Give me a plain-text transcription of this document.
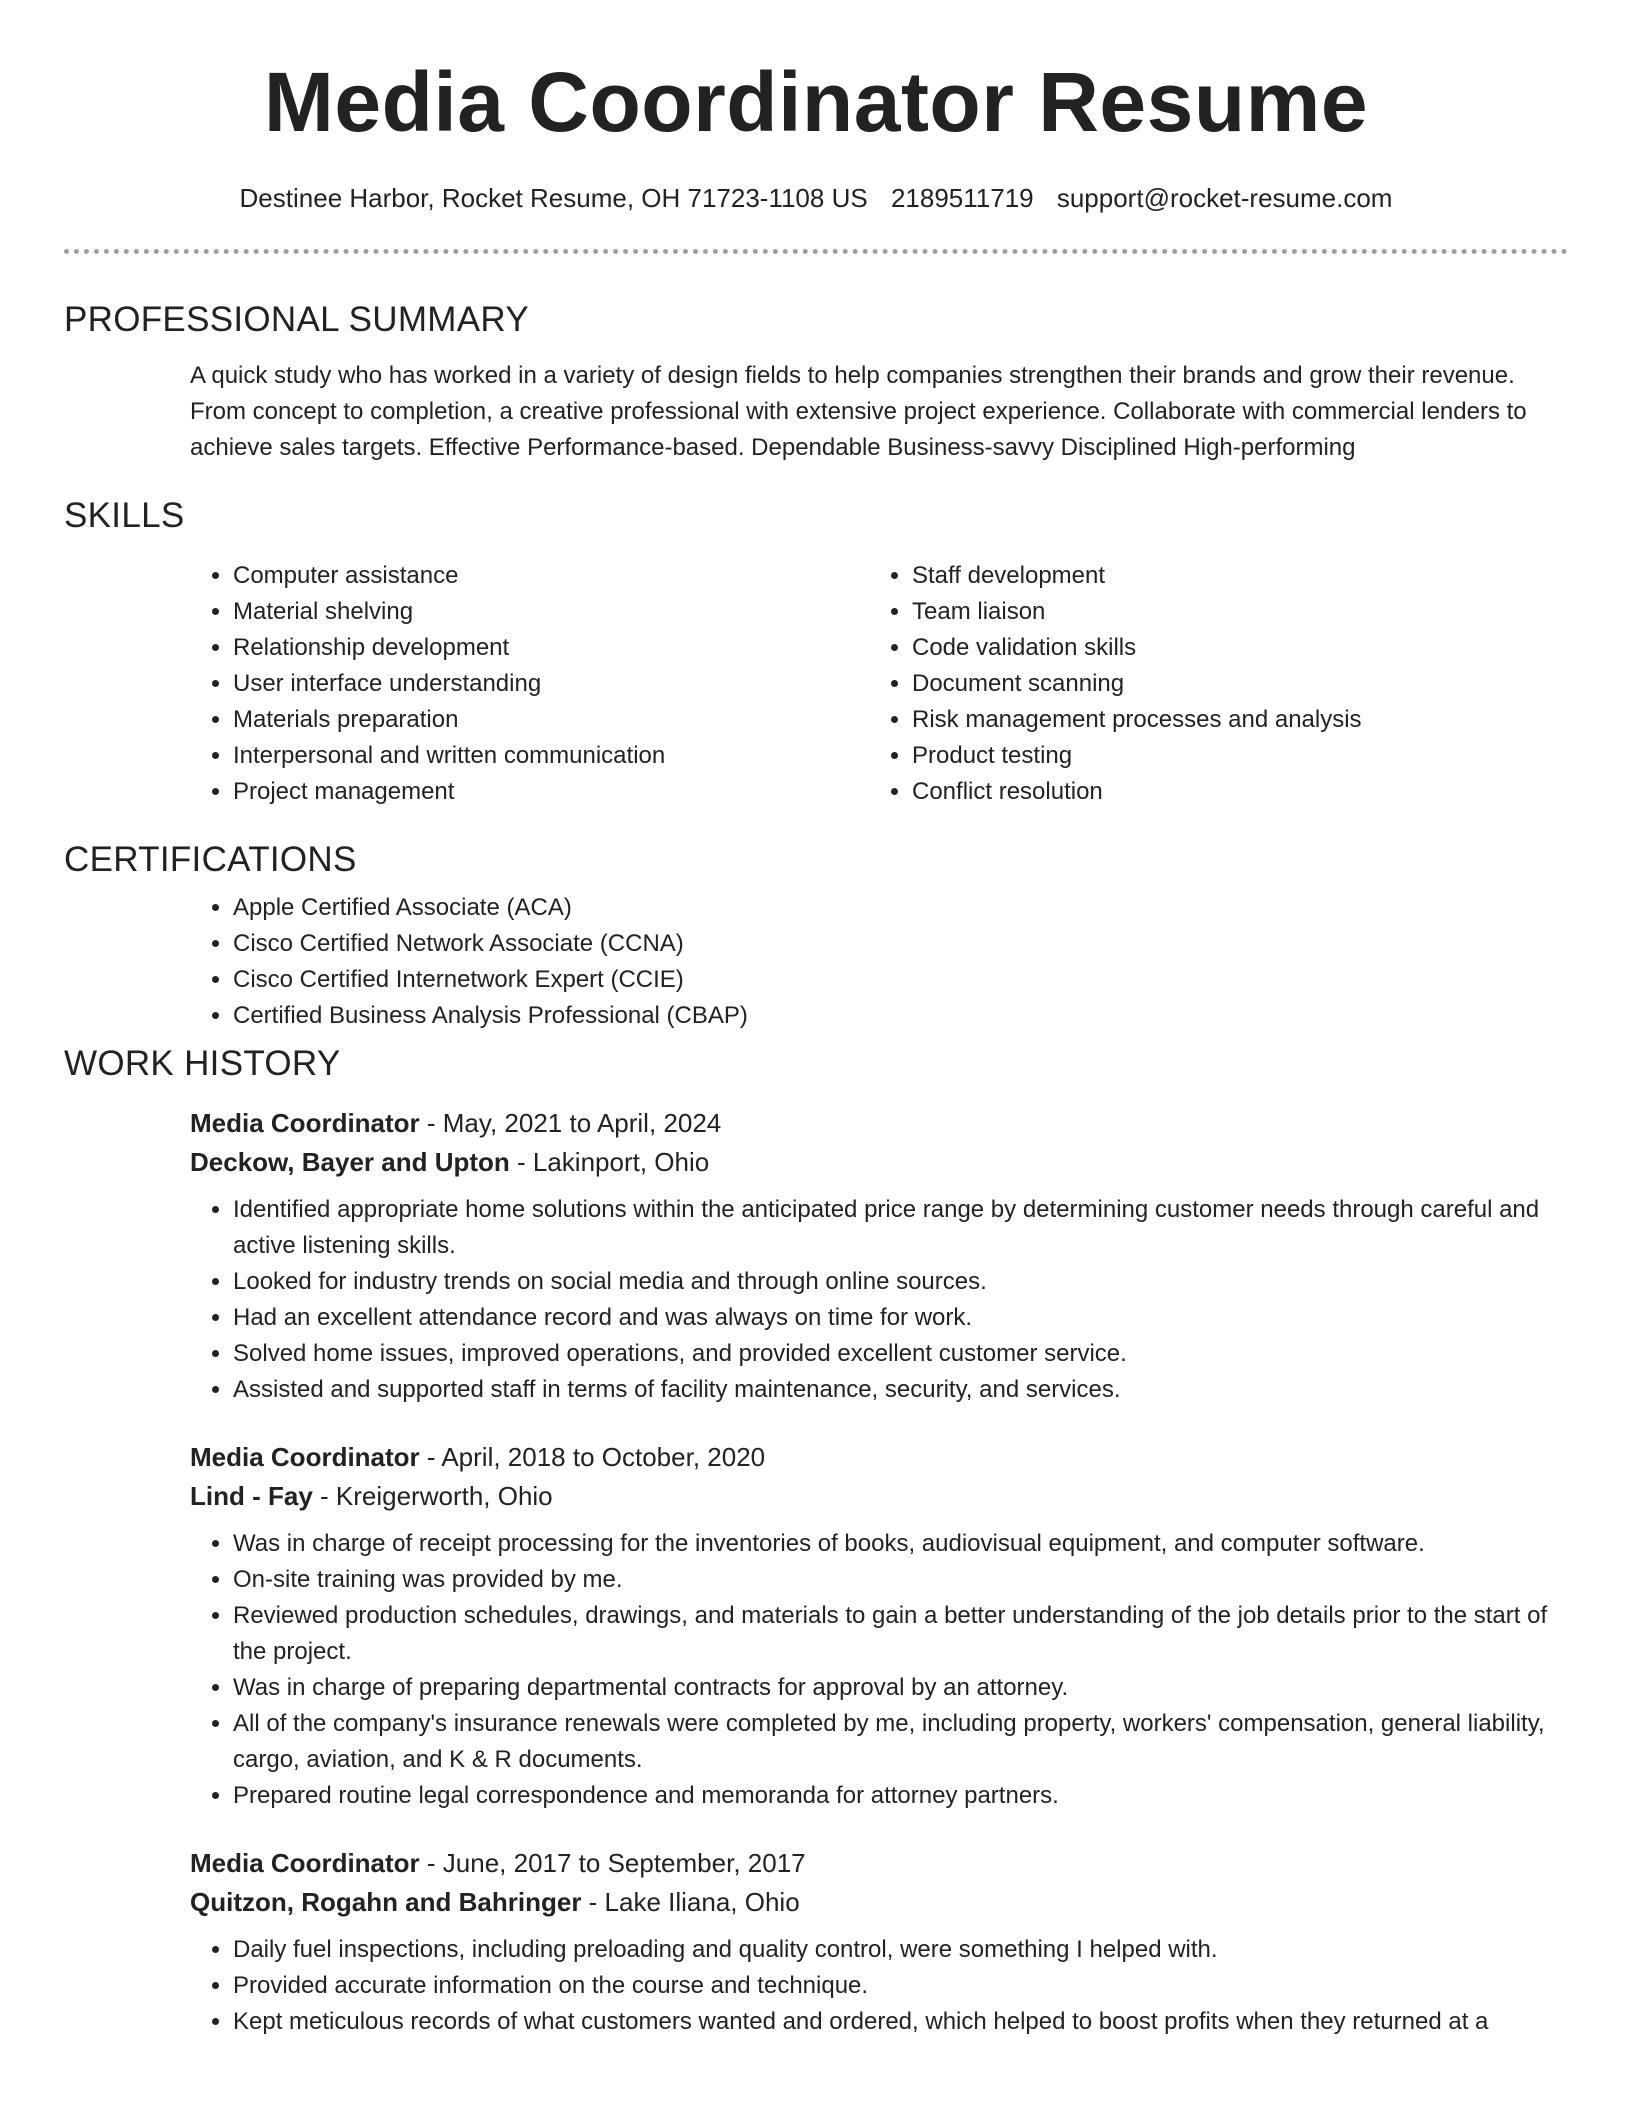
Media Coordinator Resume
Destinee Harbor, Rocket Resume, OH 71723-1108 US 2189511719 support@rocket-resume.com
PROFESSIONAL SUMMARY

A quick study who has worked in a variety of design fields to help companies strengthen their brands and grow their revenue. From concept to completion, a creative professional with extensive project experience. Collaborate with commercial lenders to achieve sales targets. Effective Performance-based. Dependable Business-savvy Disciplined High-performing

SKILLS
• Computer assistance
• Material shelving
• Relationship development
• User interface understanding
• Materials preparation
• Interpersonal and written communication
• Project management
• Staff development
• Team liaison
• Code validation skills
• Document scanning
• Risk management processes and analysis
• Product testing
• Conflict resolution
CERTIFICATIONS
• Apple Certified Associate (ACA)
• Cisco Certified Network Associate (CCNA)
• Cisco Certified Internetwork Expert (CCIE)
• Certified Business Analysis Professional (CBAP)
WORK HISTORY
Media Coordinator - May, 2021 to April, 2024
Deckow, Bayer and Upton - Lakinport, Ohio
• Identified appropriate home solutions within the anticipated price range by determining customer needs through careful and active listening skills.
• Looked for industry trends on social media and through online sources.
• Had an excellent attendance record and was always on time for work.
• Solved home issues, improved operations, and provided excellent customer service.
• Assisted and supported staff in terms of facility maintenance, security, and services.
Media Coordinator - April, 2018 to October, 2020
Lind - Fay - Kreigerworth, Ohio
• Was in charge of receipt processing for the inventories of books, audiovisual equipment, and computer software.
• On-site training was provided by me.
• Reviewed production schedules, drawings, and materials to gain a better understanding of the job details prior to the start of the project.
• Was in charge of preparing departmental contracts for approval by an attorney.
• All of the company's insurance renewals were completed by me, including property, workers' compensation, general liability, cargo, aviation, and K & R documents.
• Prepared routine legal correspondence and memoranda for attorney partners.
Media Coordinator - June, 2017 to September, 2017
Quitzon, Rogahn and Bahringer - Lake Iliana, Ohio
• Daily fuel inspections, including preloading and quality control, were something I helped with.
• Provided accurate information on the course and technique.
• Kept meticulous records of what customers wanted and ordered, which helped to boost profits when they returned at a
